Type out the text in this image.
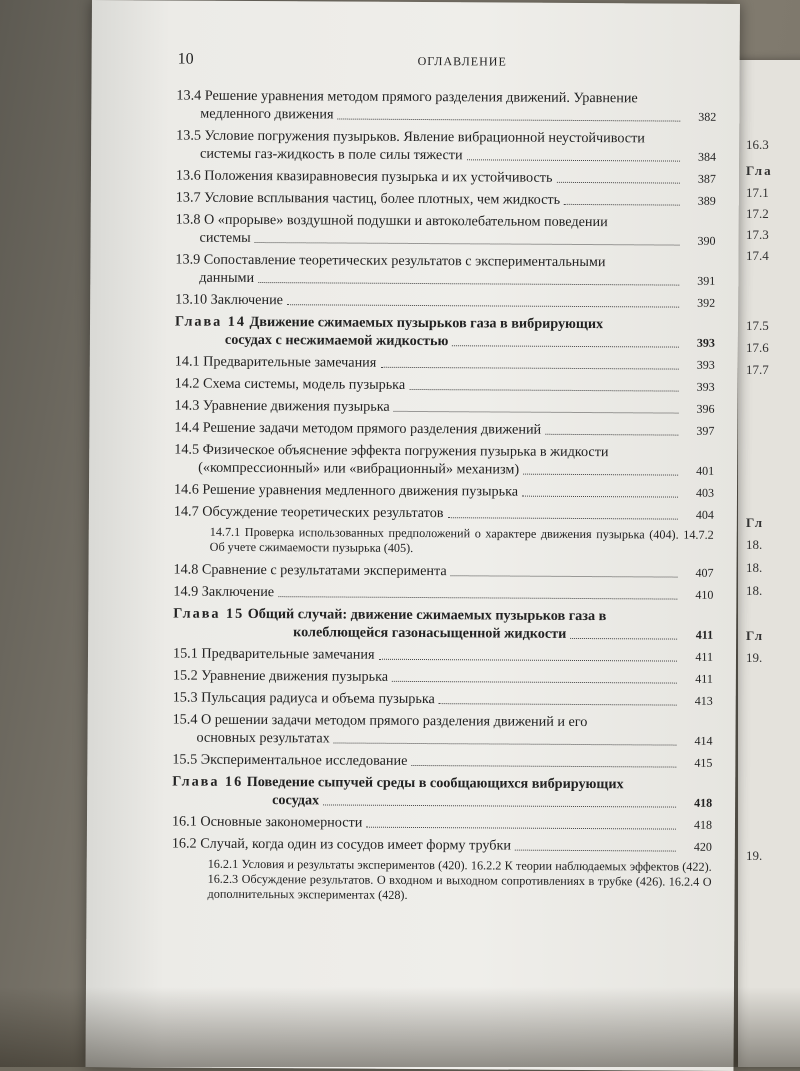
16.3
Гла
17.1
17.2
17.3
17.4
17.5
17.6
17.7
Гл
18.
18.
18.
Гл
19.
19.
10	ОГЛАВЛЕНИЕ
13.4 Решение уравнения методом прямого разделения движений. Уравнение
медленного движения	382
13.5 Условие погружения пузырьков. Явление вибрационной неустойчивости
системы газ-жидкость в поле силы тяжести	384
13.6 Положения квазиравновесия пузырька и их устойчивость	387
13.7 Условие всплывания частиц, более плотных, чем жидкость	389
13.8 О «прорыве» воздушной подушки и автоколебательном поведении
системы	390
13.9 Сопоставление теоретических результатов с экспериментальными
данными	391
13.10 Заключение	392
Глава 14 Движение сжимаемых пузырьков газа в вибрирующих
сосудах с несжимаемой жидкостью	393
14.1 Предварительные замечания	393
14.2 Схема системы, модель пузырька	393
14.3 Уравнение движения пузырька	396
14.4 Решение задачи методом прямого разделения движений	397
14.5 Физическое объяснение эффекта погружения пузырька в жидкости
(«компрессионный» или «вибрационный» механизм)	401
14.6 Решение уравнения медленного движения пузырька	403
14.7 Обсуждение теоретических результатов	404
14.7.1 Проверка использованных предположений о характере движения пузырька (404). 14.7.2 Об учете сжимаемости пузырька (405).
14.8 Сравнение с результатами эксперимента	407
14.9 Заключение	410
Глава 15 Общий случай: движение сжимаемых пузырьков газа в
колеблющейся газонасыщенной жидкости	411
15.1 Предварительные замечания	411
15.2 Уравнение движения пузырька	411
15.3 Пульсация радиуса и объема пузырька	413
15.4 О решении задачи методом прямого разделения движений и его
основных результатах	414
15.5 Экспериментальное исследование	415
Глава 16 Поведение сыпучей среды в сообщающихся вибрирующих
сосудах	418
16.1 Основные закономерности	418
16.2 Случай, когда один из сосудов имеет форму трубки	420
16.2.1 Условия и результаты экспериментов (420). 16.2.2 К теории наблюдаемых эффектов (422). 16.2.3 Обсуждение результатов. О входном и выходном сопротивлениях в трубке (426). 16.2.4 О дополнительных экспериментах (428).
